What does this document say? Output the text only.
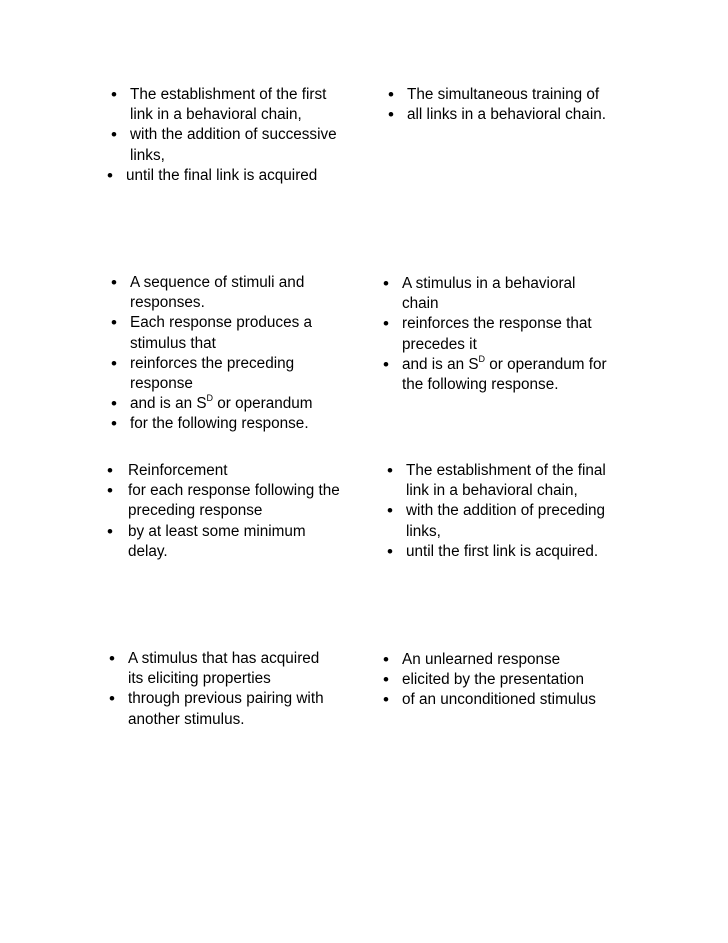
• The establishment of the first
link in a behavioral chain,
• with the addition of successive
links,
• until the final link is acquired
• The simultaneous training of
• all links in a behavioral chain.
• A sequence of stimuli and
responses.
• Each response produces a
stimulus that
• reinforces the preceding
response
• and is an $S^D$ or operandum
• for the following response.
• A stimulus in a behavioral
chain
• reinforces the response that
precedes it
• and is an $S^D$ or operandum for
the following response.
• Reinforcement
• for each response following the
preceding response
• by at least some minimum
delay.
• The establishment of the final
link in a behavioral chain,
• with the addition of preceding
links,
• until the first link is acquired.
• A stimulus that has acquired
its eliciting properties
• through previous pairing with
another stimulus.
• An unlearned response
• elicited by the presentation
• of an unconditioned stimulus
